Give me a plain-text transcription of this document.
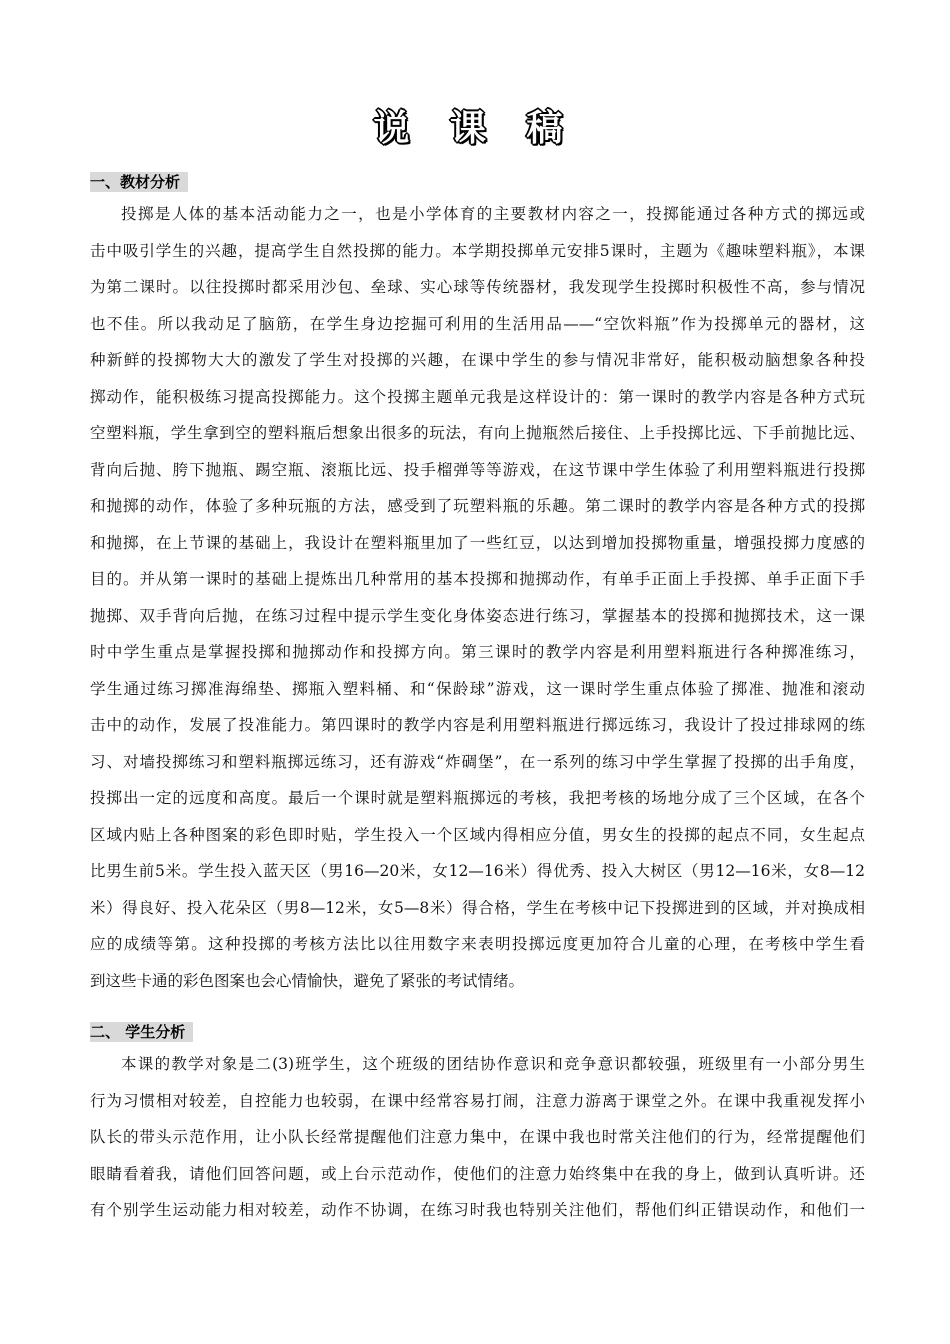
说 课 稿
一、教材分析
投掷是人体的基本活动能力之一，也是小学体育的主要教材内容之一，投掷能通过各种方式的掷远或
击中吸引学生的兴趣，提高学生自然投掷的能力。本学期投掷单元安排5课时，主题为《趣味塑料瓶》，本课
为第二课时。以往投掷时都采用沙包、垒球、实心球等传统器材，我发现学生投掷时积极性不高，参与情况
也不佳。所以我动足了脑筋，在学生身边挖掘可利用的生活用品——“空饮料瓶”作为投掷单元的器材，这
种新鲜的投掷物大大的激发了学生对投掷的兴趣，在课中学生的参与情况非常好，能积极动脑想象各种投
掷动作，能积极练习提高投掷能力。这个投掷主题单元我是这样设计的：第一课时的教学内容是各种方式玩
空塑料瓶，学生拿到空的塑料瓶后想象出很多的玩法，有向上抛瓶然后接住、上手投掷比远、下手前抛比远、
背向后抛、胯下抛瓶、踢空瓶、滚瓶比远、投手榴弹等等游戏，在这节课中学生体验了利用塑料瓶进行投掷
和抛掷的动作，体验了多种玩瓶的方法，感受到了玩塑料瓶的乐趣。第二课时的教学内容是各种方式的投掷
和抛掷，在上节课的基础上，我设计在塑料瓶里加了一些红豆，以达到增加投掷物重量，增强投掷力度感的
目的。并从第一课时的基础上提炼出几种常用的基本投掷和抛掷动作，有单手正面上手投掷、单手正面下手
抛掷、双手背向后抛，在练习过程中提示学生变化身体姿态进行练习，掌握基本的投掷和抛掷技术，这一课
时中学生重点是掌握投掷和抛掷动作和投掷方向。第三课时的教学内容是利用塑料瓶进行各种掷准练习，
学生通过练习掷准海绵垫、掷瓶入塑料桶、和“保龄球”游戏，这一课时学生重点体验了掷准、抛准和滚动
击中的动作，发展了投准能力。第四课时的教学内容是利用塑料瓶进行掷远练习，我设计了投过排球网的练
习、对墙投掷练习和塑料瓶掷远练习，还有游戏“炸碉堡”，在一系列的练习中学生掌握了投掷的出手角度，
投掷出一定的远度和高度。最后一个课时就是塑料瓶掷远的考核，我把考核的场地分成了三个区域，在各个
区域内贴上各种图案的彩色即时贴，学生投入一个区域内得相应分值，男女生的投掷的起点不同，女生起点
比男生前5米。学生投入蓝天区（男16—20米，女12—16米）得优秀、投入大树区（男12—16米，女8—12
米）得良好、投入花朵区（男8—12米，女5—8米）得合格，学生在考核中记下投掷进到的区域，并对换成相
应的成绩等第。这种投掷的考核方法比以往用数字来表明投掷远度更加符合儿童的心理，在考核中学生看
到这些卡通的彩色图案也会心情愉快，避免了紧张的考试情绪。
二、 学生分析
本课的教学对象是二(3)班学生，这个班级的团结协作意识和竞争意识都较强，班级里有一小部分男生
行为习惯相对较差，自控能力也较弱，在课中经常容易打闹，注意力游离于课堂之外。在课中我重视发挥小
队长的带头示范作用，让小队长经常提醒他们注意力集中，在课中我也时常关注他们的行为，经常提醒他们
眼睛看着我，请他们回答问题，或上台示范动作，使他们的注意力始终集中在我的身上，做到认真听讲。还
有个别学生运动能力相对较差，动作不协调，在练习时我也特别关注他们，帮他们纠正错误动作，和他们一
